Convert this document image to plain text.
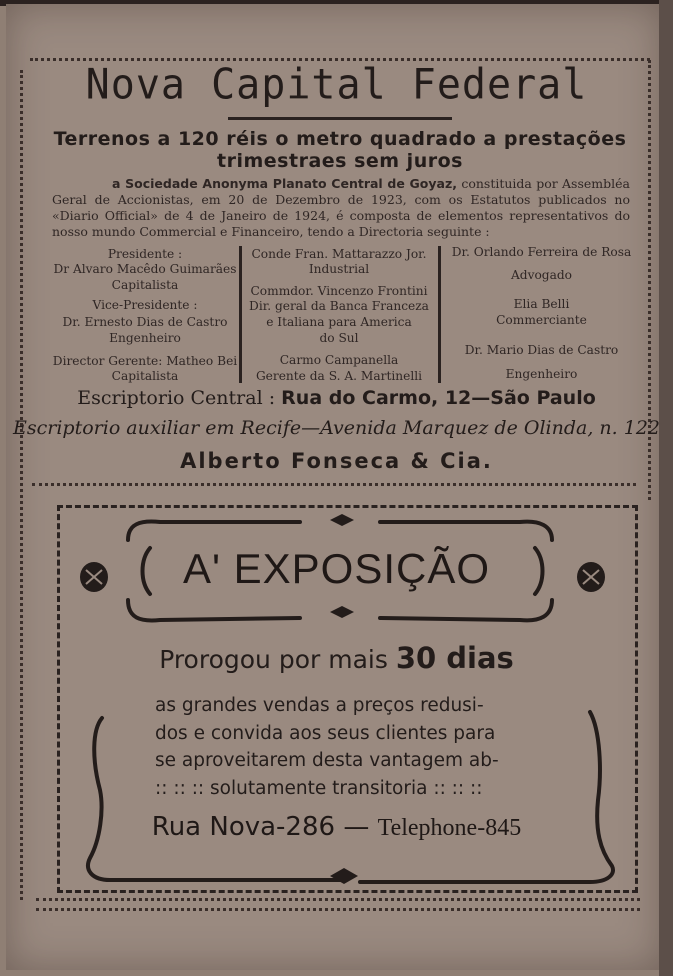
Nova Capital Federal
Terrenos a 120 réis o metro quadrado a prestações
trimestraes sem juros
a Sociedade Anonyma Planato Central de Goyaz, constituida por Assembléa Geral de Accionistas, em 20 de Dezembro de 1923, com os Estatutos publicados no «Diario Official» de 4 de Janeiro de 1924, é composta de elementos representativos do nosso mundo Commercial e Financeiro, tendo a Directoria seguinte :
Presidente :
Dr Alvaro Macêdo Guimarães
Capitalista
Vice-Presidente :
Dr. Ernesto Dias de Castro
Engenheiro
Director Gerente: Matheo Bei
Capitalista
Conde Fran. Mattarazzo Jor.
Industrial
Commdor. Vincenzo Frontini
Dir. geral da Banca Franceza
e Italiana para America
do Sul
Carmo Campanella
Gerente da S. A. Martinelli
Dr. Orlando Ferreira de Rosa
Advogado
Elia Belli
Commerciante
Dr. Mario Dias de Castro
Engenheiro
Escriptorio Central : Rua do Carmo, 12—São Paulo
Escriptorio auxiliar em Recife—Avenida Marquez de Olinda, n. 122
Alberto Fonseca & Cia.
A' EXPOSIÇÃO
Prorogou por mais 30 dias
as grandes vendas a preços redusi-
dos e convida aos seus clientes para
se aproveitarem desta vantagem ab-
:: :: :: solutamente transitoria :: :: ::
Rua Nova-286 — Telephone-845
